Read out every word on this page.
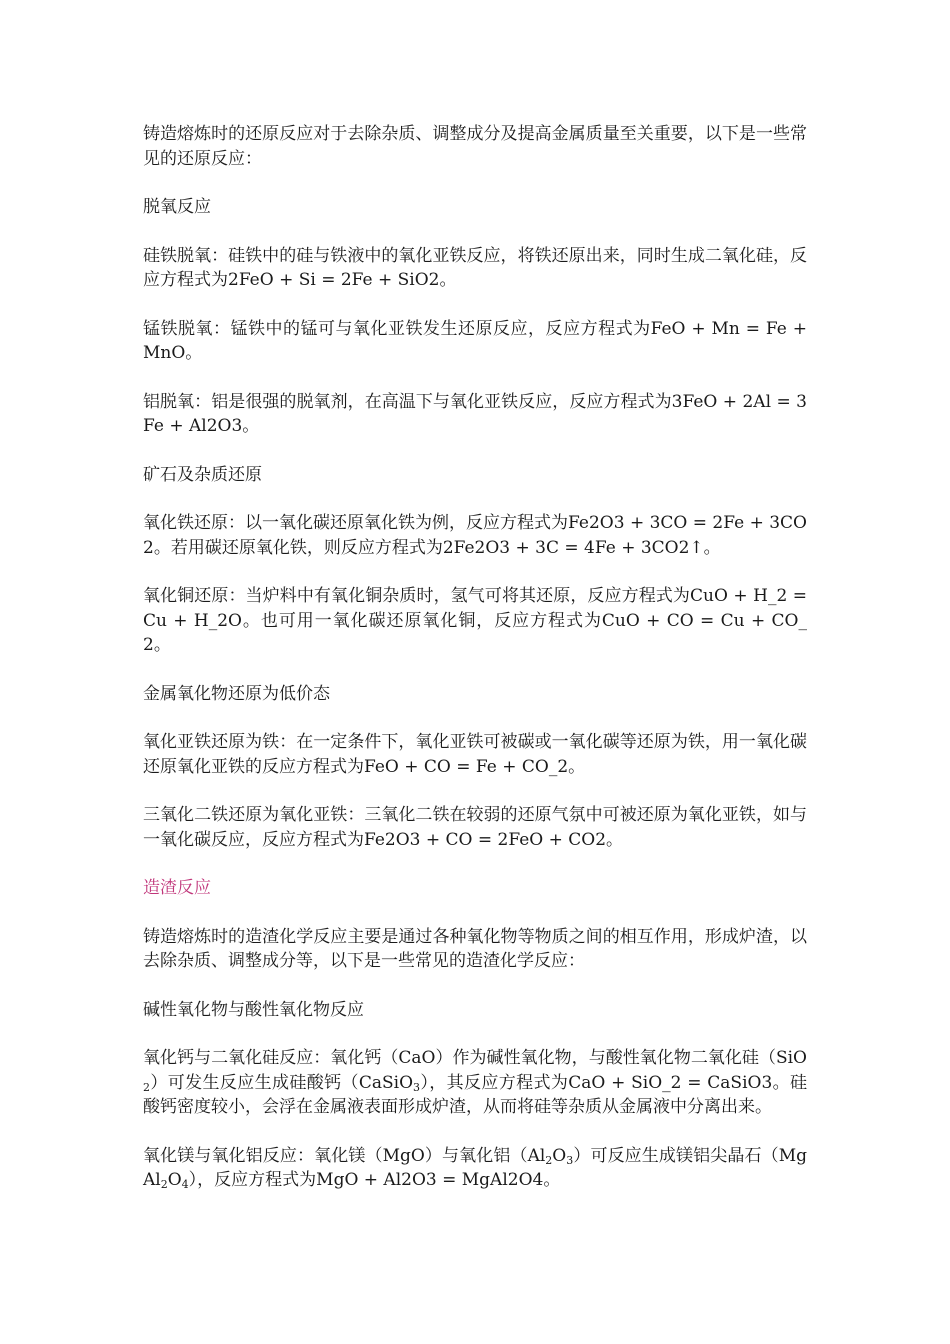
铸造熔炼时的还原反应对于去除杂质、调整成分及提高金属质量至关重要，以下是一些常见的还原反应：

脱氧反应

硅铁脱氧：硅铁中的硅与铁液中的氧化亚铁反应，将铁还原出来，同时生成二氧化硅，反应方程式为2FeO + Si = 2Fe + SiO2。

锰铁脱氧：锰铁中的锰可与氧化亚铁发生还原反应，反应方程式为FeO + Mn = Fe + MnO。

铝脱氧：铝是很强的脱氧剂，在高温下与氧化亚铁反应，反应方程式为3FeO + 2Al = 3Fe + Al2O3。

矿石及杂质还原

氧化铁还原：以一氧化碳还原氧化铁为例，反应方程式为Fe2O3 + 3CO = 2Fe + 3CO2。若用碳还原氧化铁，则反应方程式为2Fe2O3 + 3C = 4Fe + 3CO2↑。

氧化铜还原：当炉料中有氧化铜杂质时，氢气可将其还原，反应方程式为CuO + H_2 = Cu + H_2O。也可用一氧化碳还原氧化铜，反应方程式为CuO + CO = Cu + CO_2。

金属氧化物还原为低价态

氧化亚铁还原为铁：在一定条件下，氧化亚铁可被碳或一氧化碳等还原为铁，用一氧化碳还原氧化亚铁的反应方程式为FeO + CO = Fe + CO_2。

三氧化二铁还原为氧化亚铁：三氧化二铁在较弱的还原气氛中可被还原为氧化亚铁，如与一氧化碳反应，反应方程式为Fe2O3 + CO = 2FeO + CO2。

造渣反应

铸造熔炼时的造渣化学反应主要是通过各种氧化物等物质之间的相互作用，形成炉渣，以去除杂质、调整成分等，以下是一些常见的造渣化学反应：

碱性氧化物与酸性氧化物反应

氧化钙与二氧化硅反应：氧化钙（CaO）作为碱性氧化物，与酸性氧化物二氧化硅（SiO$_2$）可发生反应生成硅酸钙（CaSiO$_3$），其反应方程式为CaO + SiO_2 = CaSiO3。硅酸钙密度较小，会浮在金属液表面形成炉渣，从而将硅等杂质从金属液中分离出来。

氧化镁与氧化铝反应：氧化镁（MgO）与氧化铝$(Al_2O_3)$可反应生成镁铝尖晶石$(MgAl_2O_4)$，反应方程式为MgO + Al2O3 = MgAl2O4。
